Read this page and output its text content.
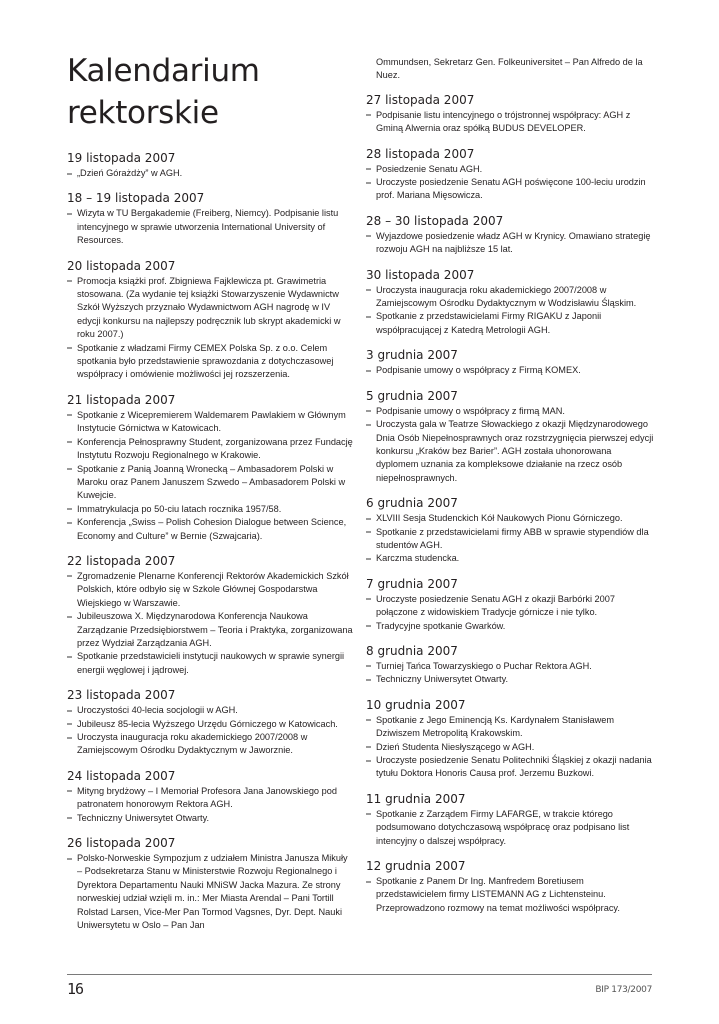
Kalendarium
rektorskie
19 listopada 2007
„Dzień Górażdży” w AGH.
18 – 19 listopada 2007
Wizyta w TU Bergakademie (Freiberg, Niemcy). Podpisanie listu intencyjnego w sprawie utworzenia International University of Resources.
20 listopada 2007
Promocja książki prof. Zbigniewa Fajklewicza pt. Grawimetria stosowana. (Za wydanie tej książki Stowarzyszenie Wydawnictw Szkół Wyższych przyznało Wydawnictwom AGH nagrodę w IV edycji konkursu na najlepszy podręcznik lub skrypt akademicki w roku 2007.)
Spotkanie z władzami Firmy CEMEX Polska Sp. z o.o. Celem spotkania było przedstawienie sprawozdania z dotychczasowej współpracy i omówienie możliwości jej rozszerzenia.
21 listopada 2007
Spotkanie z Wicepremierem Waldemarem Pawlakiem w Głównym Instytucie Górnictwa w Katowicach.
Konferencja Pełnosprawny Student, zorganizowana przez Fundację Instytutu Rozwoju Regionalnego w Krakowie.
Spotkanie z Panią Joanną Wronecką – Ambasadorem Polski w Maroku oraz Panem Januszem Szwedo – Ambasadorem Polski w Kuwejcie.
Immatrykulacja po 50-ciu latach rocznika 1957/58.
Konferencja „Swiss – Polish Cohesion Dialogue between Science, Economy and Culture” w Bernie (Szwajcaria).
22 listopada 2007
Zgromadzenie Plenarne Konferencji Rektorów Akademickich Szkół Polskich, które odbyło się w Szkole Głównej Gospodarstwa Wiejskiego w Warszawie.
Jubileuszowa X. Międzynarodowa Konferencja Naukowa Zarządzanie Przedsiębiorstwem – Teoria i Praktyka, zorganizowana przez Wydział Zarządzania AGH.
Spotkanie przedstawicieli instytucji naukowych w sprawie synergii energii węglowej i jądrowej.
23 listopada 2007
Uroczystości 40-lecia socjologii w AGH.
Jubileusz 85-lecia Wyższego Urzędu Górniczego w Katowicach.
Uroczysta inauguracja roku akademickiego 2007/2008 w Zamiejscowym Ośrodku Dydaktycznym w Jaworznie.
24 listopada 2007
Mityng brydżowy – I Memoriał Profesora Jana Janowskiego pod patronatem honorowym Rektora AGH.
Techniczny Uniwersytet Otwarty.
26 listopada 2007
Polsko-Norweskie Sympozjum z udziałem Ministra Janusza Mikuły – Podsekretarza Stanu w Ministerstwie Rozwoju Regionalnego i Dyrektora Departamentu Nauki MNiSW Jacka Mazura. Ze strony norweskiej udział wzięli m. in.: Mer Miasta Arendal – Pani Tortill Rolstad Larsen, Vice-Mer Pan Tormod Vagsnes, Dyr. Dept. Nauki Uniwersytetu w Oslo – Pan Jan
Ommundsen, Sekretarz Gen. Folkeuniversitet – Pan Alfredo de la Nuez.
27 listopada 2007
Podpisanie listu intencyjnego o trójstronnej współpracy: AGH z Gminą Alwernia oraz spółką BUDUS DEVELOPER.
28 listopada 2007
Posiedzenie Senatu AGH.
Uroczyste posiedzenie Senatu AGH poświęcone 100-leciu urodzin prof. Mariana Mięsowicza.
28 – 30 listopada 2007
Wyjazdowe posiedzenie władz AGH w Krynicy. Omawiano strategię rozwoju AGH na najbliższe 15 lat.
30 listopada 2007
Uroczysta inauguracja roku akademickiego 2007/2008 w Zamiejscowym Ośrodku Dydaktycznym w Wodzisławiu Śląskim.
Spotkanie z przedstawicielami Firmy RIGAKU z Japonii współpracującej z Katedrą Metrologii AGH.
3 grudnia 2007
Podpisanie umowy o współpracy z Firmą KOMEX.
5 grudnia 2007
Podpisanie umowy o współpracy z firmą MAN.
Uroczysta gala w Teatrze Słowackiego z okazji Międzynarodowego Dnia Osób Niepełnosprawnych oraz rozstrzygnięcia pierwszej edycji konkursu „Kraków bez Barier”. AGH została uhonorowana dyplomem uznania za kompleksowe działanie na rzecz osób niepełnosprawnych.
6 grudnia 2007
XLVIII Sesja Studenckich Kół Naukowych Pionu Górniczego.
Spotkanie z przedstawicielami firmy ABB w sprawie stypendiów dla studentów AGH.
Karczma studencka.
7 grudnia 2007
Uroczyste posiedzenie Senatu AGH z okazji Barbórki 2007 połączone z widowiskiem Tradycje górnicze i nie tylko.
Tradycyjne spotkanie Gwarków.
8 grudnia 2007
Turniej Tańca Towarzyskiego o Puchar Rektora AGH.
Techniczny Uniwersytet Otwarty.
10 grudnia 2007
Spotkanie z Jego Eminencją Ks. Kardynałem Stanisławem Dziwiszem Metropolitą Krakowskim.
Dzień Studenta Niesłyszącego w AGH.
Uroczyste posiedzenie Senatu Politechniki Śląskiej z okazji nadania tytułu Doktora Honoris Causa prof. Jerzemu Buzkowi.
11 grudnia 2007
Spotkanie z Zarządem Firmy LAFARGE, w trakcie którego podsumowano dotychczasową współpracę oraz podpisano list intencyjny o dalszej współpracy.
12 grudnia 2007
Spotkanie z Panem Dr Ing. Manfredem Boretiusem przedstawicielem firmy LISTEMANN AG z Lichtensteinu. Przeprowadzono rozmowy na temat możliwości współpracy.
16	BIP 173/2007
